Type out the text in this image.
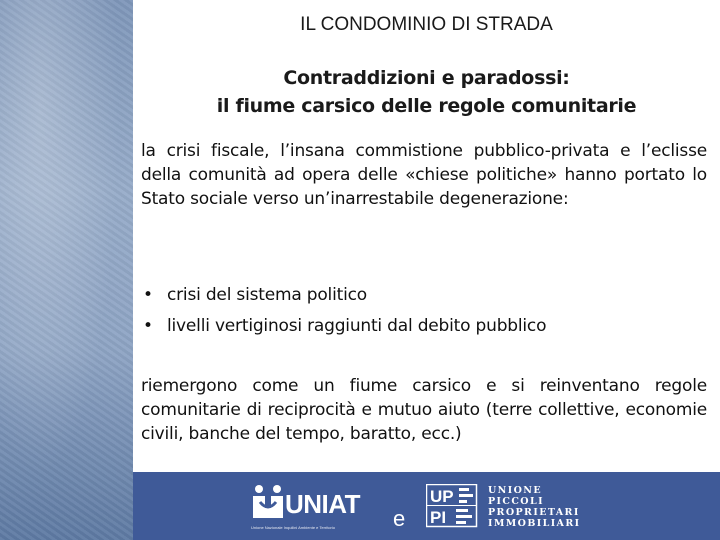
IL CONDOMINIO DI STRADA
Contraddizioni e paradossi:
il fiume carsico delle regole comunitarie
la crisi fiscale, l’insana commistione pubblico-privata e l’eclisse della comunità ad opera delle «chiese politiche» hanno portato lo Stato sociale verso un’inarrestabile degenerazione:
• crisi del sistema politico
• livelli vertiginosi raggiunti dal debito pubblico
riemergono come un fiume carsico e si reinventano regole comunitarie di reciprocità e mutuo aiuto (terre collettive, economie civili, banche del tempo, baratto, ecc.)
UNIAT
Unione Nazionale Inquilini Ambiente e Territorio	e
UP
PI
UNIONE
PICCOLI
PROPRIETARI
IMMOBILIARI
